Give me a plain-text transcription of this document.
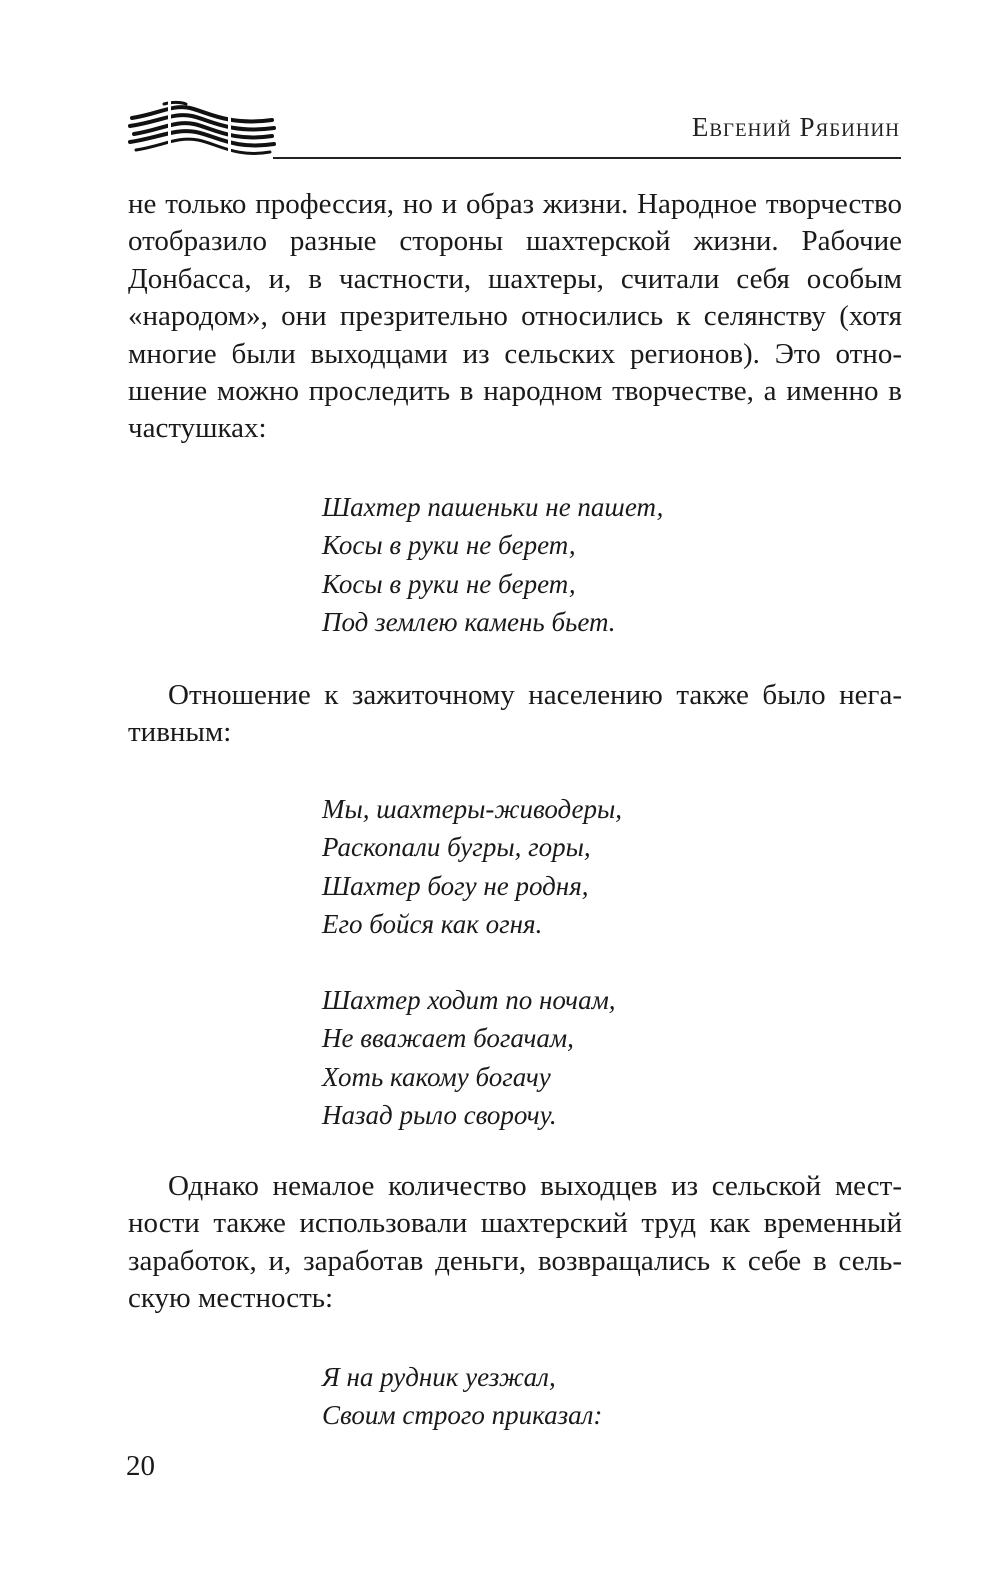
Евгений Рябинин

не только профессия, но и образ жизни. Народное творчество отобразило разные стороны шахтерской жизни. Рабочие Донбасса, и, в частности, шахтеры, считали себя особым «народом», они презрительно относились к селянству (хотя многие были выходцами из сельских регионов). Это отношение можно проследить в народном творчестве, а именно в частушках:

Шахтер пашеньки не пашет,
Косы в руки не берет,
Косы в руки не берет,
Под землею камень бьет.

Отношение к зажиточному населению также было негативным:

Мы, шахтеры-живодеры,
Раскопали бугры, горы,
Шахтер богу не родня,
Его бойся как огня.
Шахтер ходит по ночам,
Не вважает богачам,
Хоть какому богачу
Назад рыло сворочу.

Однако немалое количество выходцев из сельской местности также использовали шахтерский труд как временный заработок, и, заработав деньги, возвращались к себе в сельскую местность:

Я на рудник уезжал,
Своим строго приказал:
20
